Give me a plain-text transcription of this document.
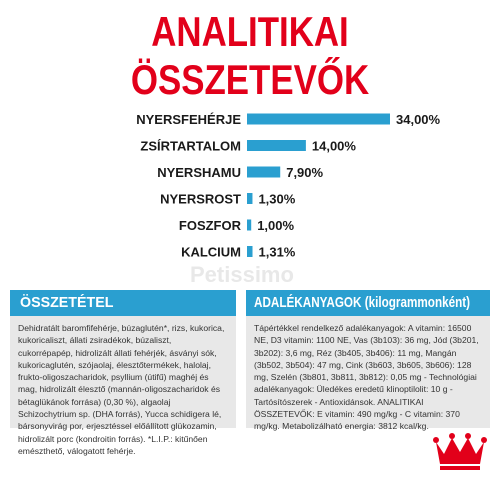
ANALITIKAI ÖSSZETEVŐK
NYERSFEHÉRJE	34,00%
ZSÍRTARTALOM	14,00%
NYERSHAMU	7,90%
NYERSROST 1,30%
FOSZFOR 1,00%
KALCIUM 1,31%
Petissimo
ÖSSZETÉTEL	ADALÉKANYAGOK (kilogrammonként)
Dehidratált baromfifehérje, búzaglutén*, rizs, kukorica, kukoricaliszt, állati zsiradékok, búzaliszt, cukorrépapép, hidrolizált állati fehérjék, ásványi sók, kukoricaglutén, szójaolaj, élesztőtermékek, halolaj, frukto-oligoszacharidok, psyllium (útifű) maghéj és mag, hidrolizált élesztő (mannán-oligoszacharidok és bétaglükánok forrása) (0,30 %), algaolaj Schizochytrium sp. (DHA forrás), Yucca schidigera lé, bársonyvirág por, erjesztéssel előállított glükozamin, hidrolizált porc (kondroitin forrás). *L.I.P.: kitűnően emészthető, válogatott fehérje.
Tápértékkel rendelkező adalékanyagok: A vitamin: 16500 NE, D3 vitamin: 1100 NE, Vas (3b103): 36 mg, Jód (3b201, 3b202): 3,6 mg, Réz (3b405, 3b406): 11 mg, Mangán (3b502, 3b504): 47 mg, Cink (3b603, 3b605, 3b606): 128 mg, Szelén (3b801, 3b811, 3b812): 0,05 mg - Technológiai adalékanyagok: Üledékes eredetű klinoptilolit: 10 g - Tartósítószerek - Antioxidánsok. ANALITIKAI ÖSSZETEVŐK: E vitamin: 490 mg/kg - C vitamin: 370 mg/kg. Metabolizálható energia: 3812 kcal/kg.
